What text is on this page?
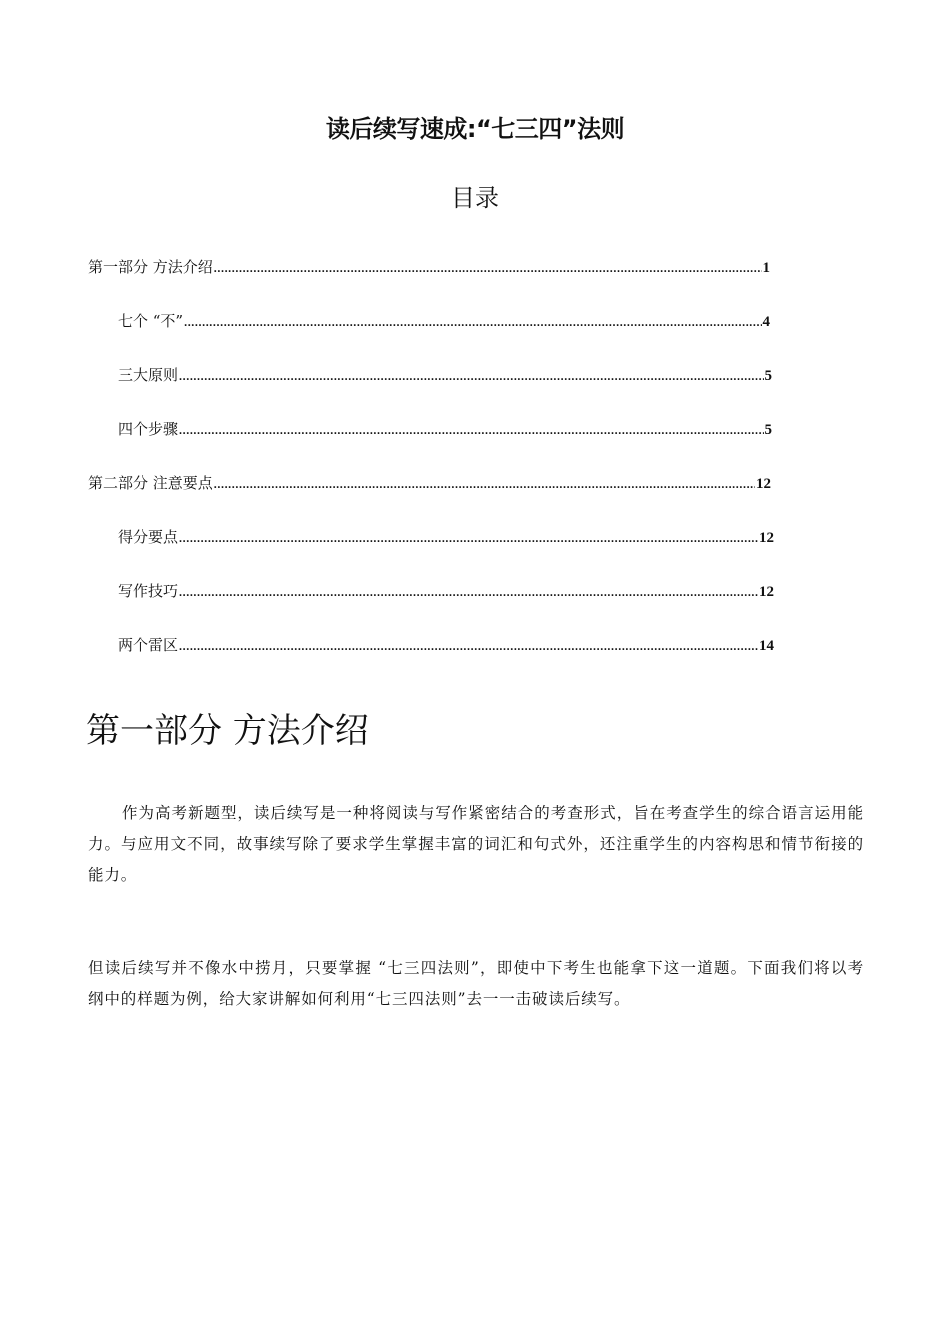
读后续写速成:“七三四”法则
目录
第一部分 方法介绍 .....	1
七个 “不” .....	4
三大原则 .....	5
四个步骤 .....	5
第二部分 注意要点 .....	12
得分要点 .....	12
写作技巧 .....	12
两个雷区 .....	14
第一部分 方法介绍

作为高考新题型，读后续写是一种将阅读与写作紧密结合的考查形式，旨在考查学生的综合语言运用能力。与应用文不同，故事续写除了要求学生掌握丰富的词汇和句式外，还注重学生的内容构思和情节衔接的能力。

但读后续写并不像水中捞月，只要掌握 “七三四法则”，即使中下考生也能拿下这一道题。下面我们将以考纲中的样题为例，给大家讲解如何利用“七三四法则”去一一击破读后续写。
